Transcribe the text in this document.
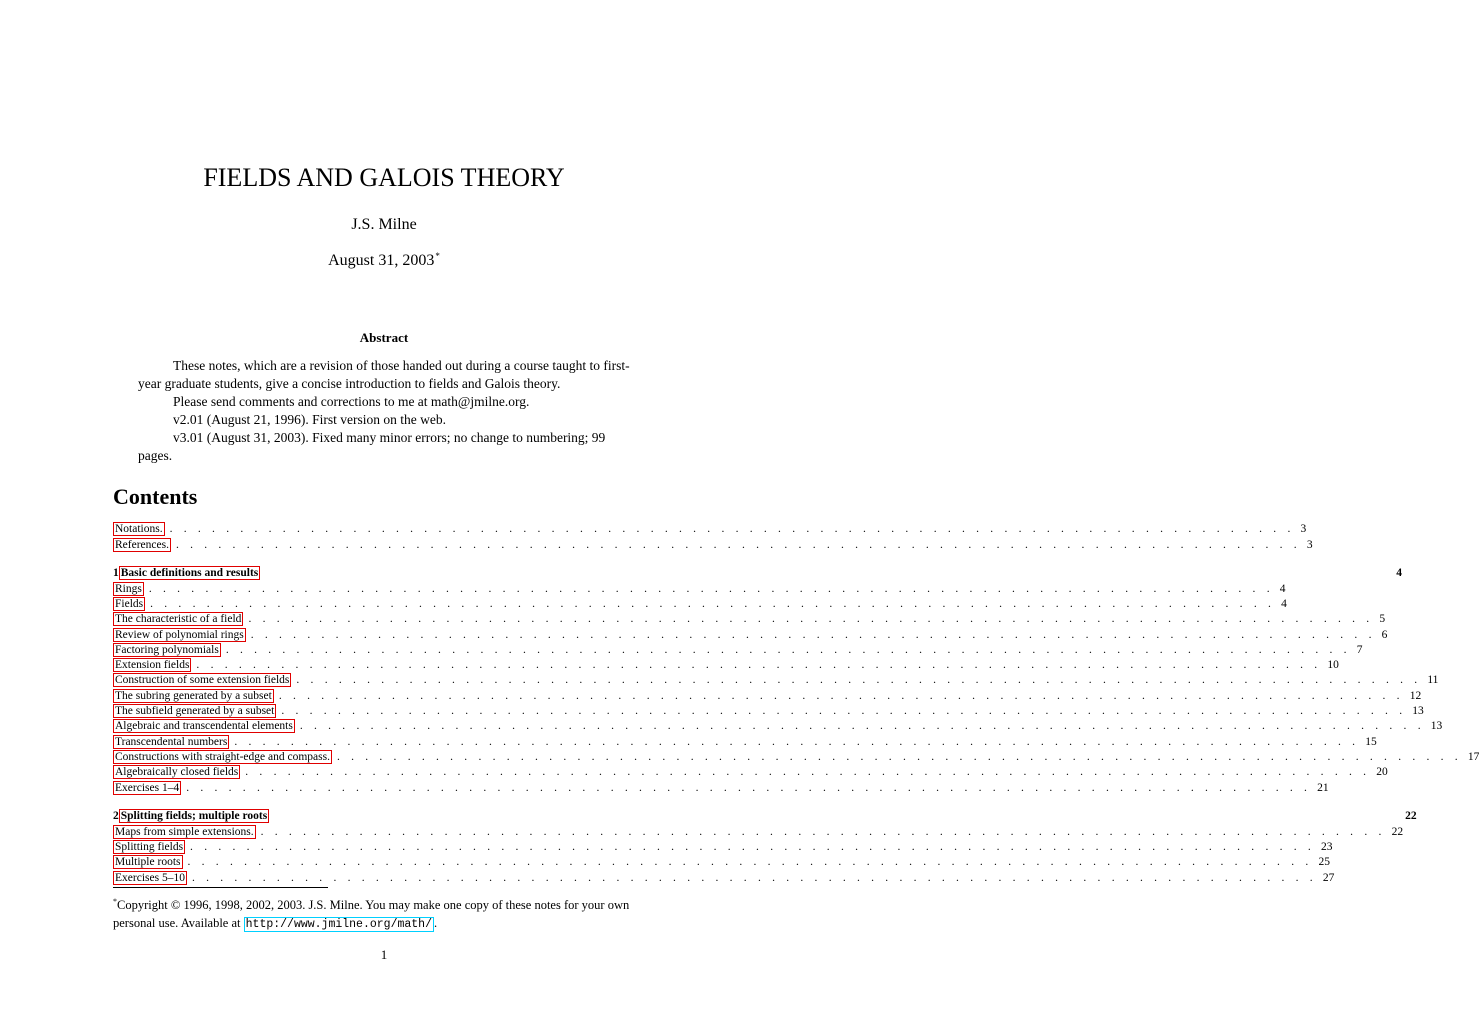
FIELDS AND GALOIS THEORY
J.S. Milne
August 31, 2003*
Abstract
These notes, which are a revision of those handed out during a course taught to first-year graduate students, give a concise introduction to fields and Galois theory.
Please send comments and corrections to me at math@jmilne.org.
v2.01 (August 21, 1996). First version on the web.
v3.01 (August 31, 2003). Fixed many minor errors; no change to numbering; 99 pages.
Contents
Notations. . . . . . . . . . . . . . . . . . . . . . . . . . . . . . . . . . . . . . . . . . . . . . . . . . . . . . . . . . . . . . . . . . . . . . . . . . . . . . . . . 3
References. . . . . . . . . . . . . . . . . . . . . . . . . . . . . . . . . . . . . . . . . . . . . . . . . . . . . . . . . . . . . . . . . . . . . . . . . . . . . . . . . 3
1 Basic definitions and results	4
Rings . . . . . . . . . . . . . . . . . . . . . . . . . . . . . . . . . . . . . . . . . . . . . . . . . . . . . . . . . . . . . . . . . . . . . . . . . . . . . . . . 4
Fields . . . . . . . . . . . . . . . . . . . . . . . . . . . . . . . . . . . . . . . . . . . . . . . . . . . . . . . . . . . . . . . . . . . . . . . . . . . . . . . . 4
The characteristic of a field . . . . . . . . . . . . . . . . . . . . . . . . . . . . . . . . . . . . . . . . . . . . . . . . . . . . . . . . . . . . . . . . . . . . . . . . . . . . . . . . 5
Review of polynomial rings . . . . . . . . . . . . . . . . . . . . . . . . . . . . . . . . . . . . . . . . . . . . . . . . . . . . . . . . . . . . . . . . . . . . . . . . . . . . . . . . 6
Factoring polynomials . . . . . . . . . . . . . . . . . . . . . . . . . . . . . . . . . . . . . . . . . . . . . . . . . . . . . . . . . . . . . . . . . . . . . . . . . . . . . . . . 7
Extension fields . . . . . . . . . . . . . . . . . . . . . . . . . . . . . . . . . . . . . . . . . . . . . . . . . . . . . . . . . . . . . . . . . . . . . . . . . . . . . . . . 10
Construction of some extension fields . . . . . . . . . . . . . . . . . . . . . . . . . . . . . . . . . . . . . . . . . . . . . . . . . . . . . . . . . . . . . . . . . . . . . . . . . . . . . . . . 11
The subring generated by a subset . . . . . . . . . . . . . . . . . . . . . . . . . . . . . . . . . . . . . . . . . . . . . . . . . . . . . . . . . . . . . . . . . . . . . . . . . . . . . . . . 12
The subfield generated by a subset . . . . . . . . . . . . . . . . . . . . . . . . . . . . . . . . . . . . . . . . . . . . . . . . . . . . . . . . . . . . . . . . . . . . . . . . . . . . . . . . 13
Algebraic and transcendental elements . . . . . . . . . . . . . . . . . . . . . . . . . . . . . . . . . . . . . . . . . . . . . . . . . . . . . . . . . . . . . . . . . . . . . . . . . . . . . . . . 13
Transcendental numbers . . . . . . . . . . . . . . . . . . . . . . . . . . . . . . . . . . . . . . . . . . . . . . . . . . . . . . . . . . . . . . . . . . . . . . . . . . . . . . . . 15
Constructions with straight-edge and compass. . . . . . . . . . . . . . . . . . . . . . . . . . . . . . . . . . . . . . . . . . . . . . . . . . . . . . . . . . . . . . . . . . . . . . . . . . . . . . . . . 17
Algebraically closed fields . . . . . . . . . . . . . . . . . . . . . . . . . . . . . . . . . . . . . . . . . . . . . . . . . . . . . . . . . . . . . . . . . . . . . . . . . . . . . . . . 20
Exercises 1–4 . . . . . . . . . . . . . . . . . . . . . . . . . . . . . . . . . . . . . . . . . . . . . . . . . . . . . . . . . . . . . . . . . . . . . . . . . . . . . . . . 21
2 Splitting fields; multiple roots	22
Maps from simple extensions. . . . . . . . . . . . . . . . . . . . . . . . . . . . . . . . . . . . . . . . . . . . . . . . . . . . . . . . . . . . . . . . . . . . . . . . . . . . . . . . . 22
Splitting fields . . . . . . . . . . . . . . . . . . . . . . . . . . . . . . . . . . . . . . . . . . . . . . . . . . . . . . . . . . . . . . . . . . . . . . . . . . . . . . . . 23
Multiple roots . . . . . . . . . . . . . . . . . . . . . . . . . . . . . . . . . . . . . . . . . . . . . . . . . . . . . . . . . . . . . . . . . . . . . . . . . . . . . . . . 25
Exercises 5–10 . . . . . . . . . . . . . . . . . . . . . . . . . . . . . . . . . . . . . . . . . . . . . . . . . . . . . . . . . . . . . . . . . . . . . . . . . . . . . . . . 27
*Copyright © 1996, 1998, 2002, 2003. J.S. Milne. You may make one copy of these notes for your own personal use. Available at http://www.jmilne.org/math/ .
1
